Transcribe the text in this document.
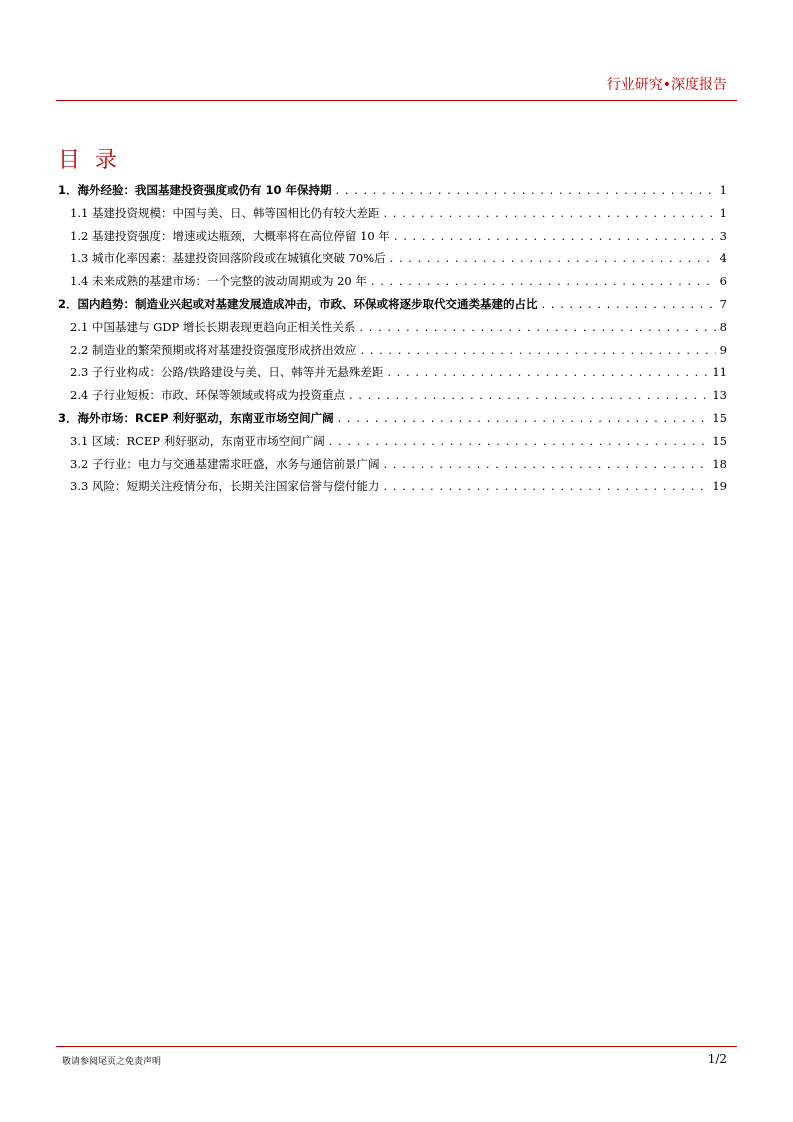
行业研究•深度报告
目 录
1．海外经验：我国基建投资强度或仍有 10 年保持期 . . .	1
1.1 基建投资规模：中国与美、日、韩等国相比仍有较大差距 . . .	1
1.2 基建投资强度：增速或达瓶颈，大概率将在高位停留 10 年 . . .	3
1.3 城市化率因素：基建投资回落阶段或在城镇化突破 70%后 . . .	4
1.4 未来成熟的基建市场：一个完整的波动周期或为 20 年 . . .	6
2．国内趋势：制造业兴起或对基建发展造成冲击，市政、环保或将逐步取代交通类基建的占比 . . .	7
2.1 中国基建与 GDP 增长长期表现更趋向正相关性关系 . . .	8
2.2 制造业的繁荣预期或将对基建投资强度形成挤出效应 . . .	9
2.3 子行业构成：公路/铁路建设与美、日、韩等并无悬殊差距 . . .	11
2.4 子行业短板：市政、环保等领域或将成为投资重点 . . .	13
3．海外市场：RCEP 利好驱动，东南亚市场空间广阔 . . .	15
3.1 区域：RCEP 利好驱动，东南亚市场空间广阔 . . .	15
3.2 子行业：电力与交通基建需求旺盛，水务与通信前景广阔 . . .	18
3.3 风险：短期关注疫情分布，长期关注国家信誉与偿付能力 . . .	19
敬请参阅尾页之免责声明	1/2
